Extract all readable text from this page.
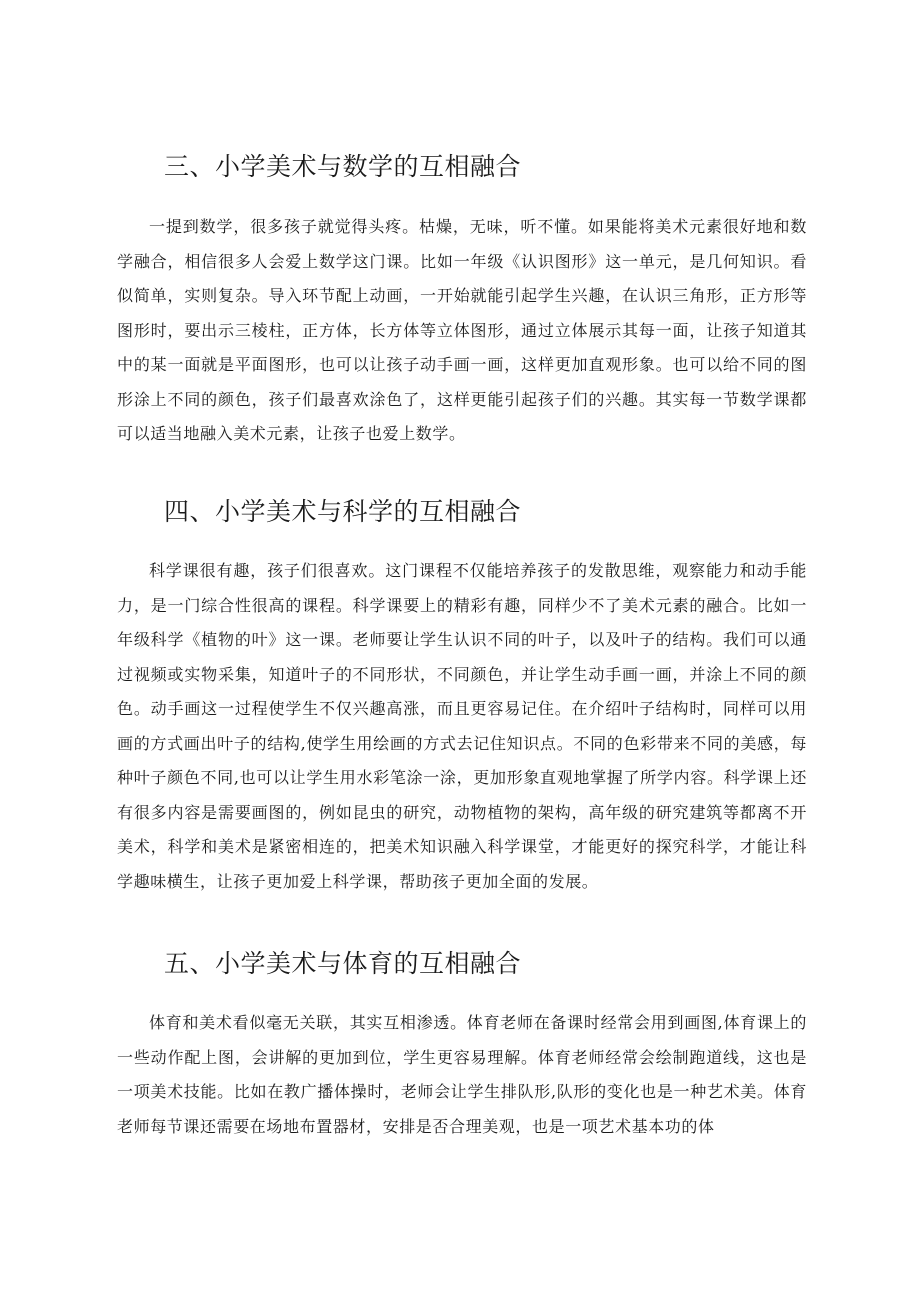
三、小学美术与数学的互相融合

一提到数学，很多孩子就觉得头疼。枯燥，无味，听不懂。如果能将美术元素很好地和数学融合，相信很多人会爱上数学这门课。比如一年级《认识图形》这一单元，是几何知识。看似简单，实则复杂。导入环节配上动画，一开始就能引起学生兴趣，在认识三角形，正方形等图形时，要出示三棱柱，正方体，长方体等立体图形，通过立体展示其每一面，让孩子知道其中的某一面就是平面图形，也可以让孩子动手画一画，这样更加直观形象。也可以给不同的图形涂上不同的颜色，孩子们最喜欢涂色了，这样更能引起孩子们的兴趣。其实每一节数学课都可以适当地融入美术元素，让孩子也爱上数学。

四、小学美术与科学的互相融合

科学课很有趣，孩子们很喜欢。这门课程不仅能培养孩子的发散思维，观察能力和动手能力，是一门综合性很高的课程。科学课要上的精彩有趣，同样少不了美术元素的融合。比如一年级科学《植物的叶》这一课。老师要让学生认识不同的叶子，以及叶子的结构。我们可以通过视频或实物采集，知道叶子的不同形状，不同颜色，并让学生动手画一画，并涂上不同的颜色。动手画这一过程使学生不仅兴趣高涨，而且更容易记住。在介绍叶子结构时，同样可以用画的方式画出叶子的结构,使学生用绘画的方式去记住知识点。不同的色彩带来不同的美感，每种叶子颜色不同,也可以让学生用水彩笔涂一涂，更加形象直观地掌握了所学内容。科学课上还有很多内容是需要画图的，例如昆虫的研究，动物植物的架构，高年级的研究建筑等都离不开美术，科学和美术是紧密相连的，把美术知识融入科学课堂，才能更好的探究科学，才能让科学趣味横生，让孩子更加爱上科学课，帮助孩子更加全面的发展。

五、小学美术与体育的互相融合

体育和美术看似毫无关联，其实互相渗透。体育老师在备课时经常会用到画图,体育课上的一些动作配上图，会讲解的更加到位，学生更容易理解。体育老师经常会绘制跑道线，这也是一项美术技能。比如在教广播体操时，老师会让学生排队形,队形的变化也是一种艺术美。体育老师每节课还需要在场地布置器材，安排是否合理美观，也是一项艺术基本功的体
